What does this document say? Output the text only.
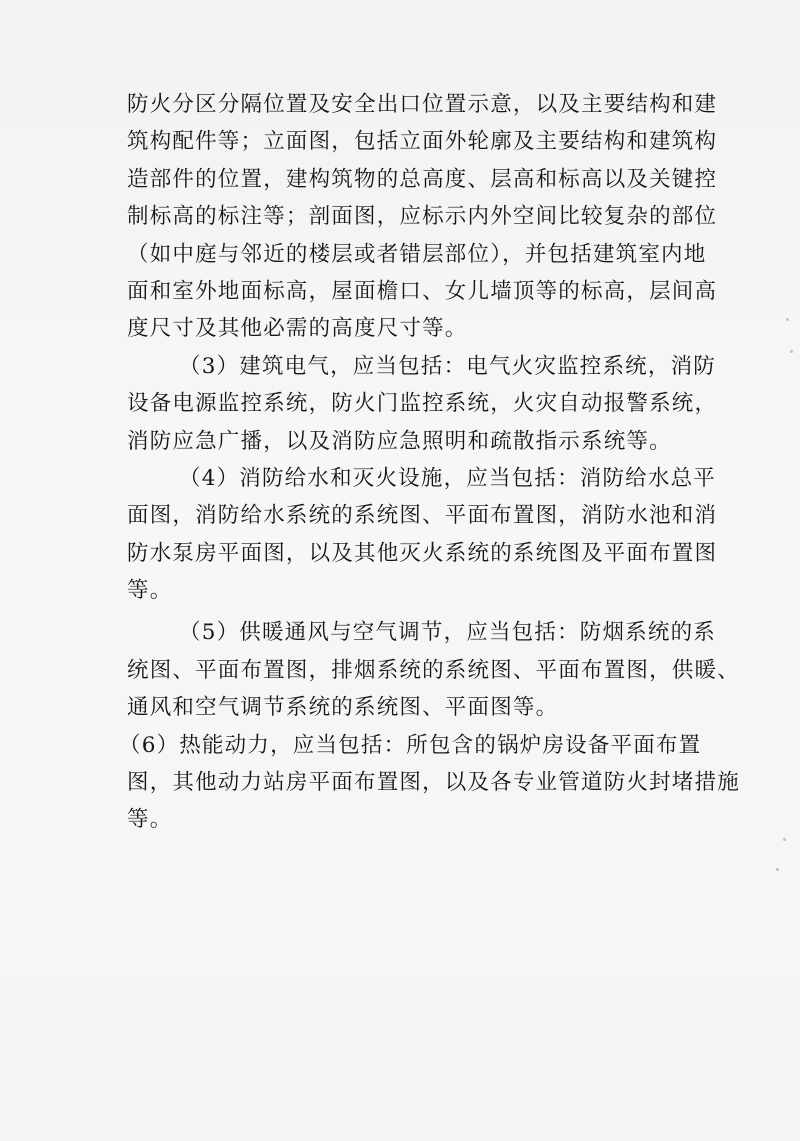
防火分区分隔位置及安全出口位置示意，以及主要结构和建
筑构配件等；立面图，包括立面外轮廓及主要结构和建筑构
造部件的位置，建构筑物的总高度、层高和标高以及关键控
制标高的标注等；剖面图，应标示内外空间比较复杂的部位
（如中庭与邻近的楼层或者错层部位），并包括建筑室内地
面和室外地面标高，屋面檐口、女儿墙顶等的标高，层间高
度尺寸及其他必需的高度尺寸等。
（3）建筑电气，应当包括：电气火灾监控系统，消防
设备电源监控系统，防火门监控系统，火灾自动报警系统，
消防应急广播，以及消防应急照明和疏散指示系统等。
（4）消防给水和灭火设施，应当包括：消防给水总平
面图，消防给水系统的系统图、平面布置图，消防水池和消
防水泵房平面图，以及其他灭火系统的系统图及平面布置图
等。
（5）供暖通风与空气调节，应当包括：防烟系统的系
统图、平面布置图，排烟系统的系统图、平面布置图，供暖、
通风和空气调节系统的系统图、平面图等。
（6）热能动力，应当包括：所包含的锅炉房设备平面布置
图，其他动力站房平面布置图，以及各专业管道防火封堵措施
等。
